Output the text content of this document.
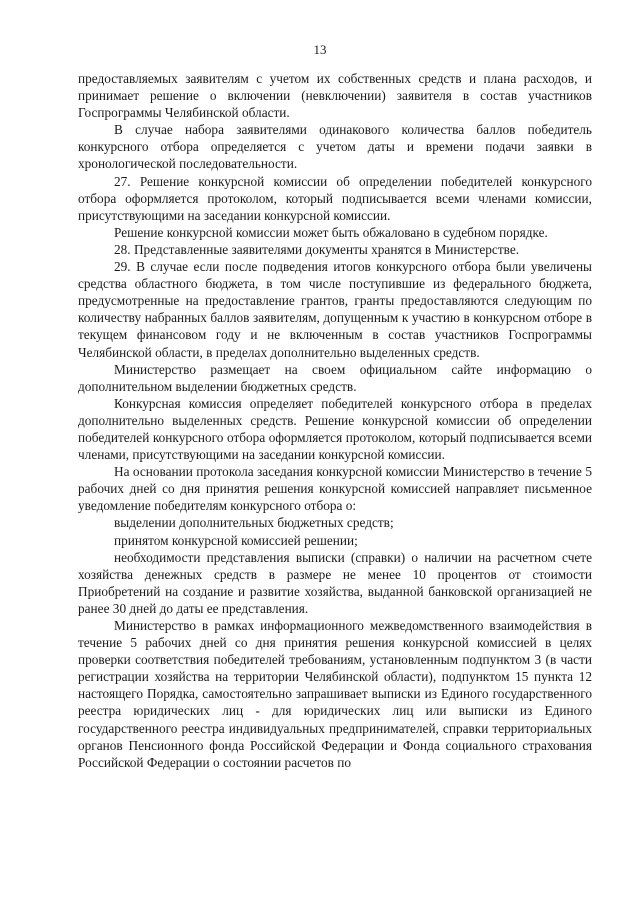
13

предоставляемых заявителям с учетом их собственных средств и плана расходов, и принимает решение о включении (невключении) заявителя в состав участников Госпрограммы Челябинской области.

В случае набора заявителями одинакового количества баллов победитель конкурсного отбора определяется с учетом даты и времени подачи заявки в хронологической последовательности.

27. Решение конкурсной комиссии об определении победителей конкурсного отбора оформляется протоколом, который подписывается всеми членами комиссии, присутствующими на заседании конкурсной комиссии.

Решение конкурсной комиссии может быть обжаловано в судебном порядке.

28. Представленные заявителями документы хранятся в Министерстве.

29. В случае если после подведения итогов конкурсного отбора были увеличены средства областного бюджета, в том числе поступившие из федерального бюджета, предусмотренные на предоставление грантов, гранты предоставляются следующим по количеству набранных баллов заявителям, допущенным к участию в конкурсном отборе в текущем финансовом году и не включенным в состав участников Госпрограммы Челябинской области, в пределах дополнительно выделенных средств.

Министерство размещает на своем официальном сайте информацию о дополнительном выделении бюджетных средств.

Конкурсная комиссия определяет победителей конкурсного отбора в пределах дополнительно выделенных средств. Решение конкурсной комиссии об определении победителей конкурсного отбора оформляется протоколом, который подписывается всеми членами, присутствующими на заседании конкурсной комиссии.

На основании протокола заседания конкурсной комиссии Министерство в течение 5 рабочих дней со дня принятия решения конкурсной комиссией направляет письменное уведомление победителям конкурсного отбора о:

выделении дополнительных бюджетных средств;

принятом конкурсной комиссией решении;

необходимости представления выписки (справки) о наличии на расчетном счете хозяйства денежных средств в размере не менее 10 процентов от стоимости Приобретений на создание и развитие хозяйства, выданной банковской организацией не ранее 30 дней до даты ее представления.

Министерство в рамках информационного межведомственного взаимодействия в течение 5 рабочих дней со дня принятия решения конкурсной комиссией в целях проверки соответствия победителей требованиям, установленным подпунктом 3 (в части регистрации хозяйства на территории Челябинской области), подпунктом 15 пункта 12 настоящего Порядка, самостоятельно запрашивает выписки из Единого государственного реестра юридических лиц - для юридических лиц или выписки из Единого государственного реестра индивидуальных предпринимателей, справки территориальных органов Пенсионного фонда Российской Федерации и Фонда социального страхования Российской Федерации о состоянии расчетов по
